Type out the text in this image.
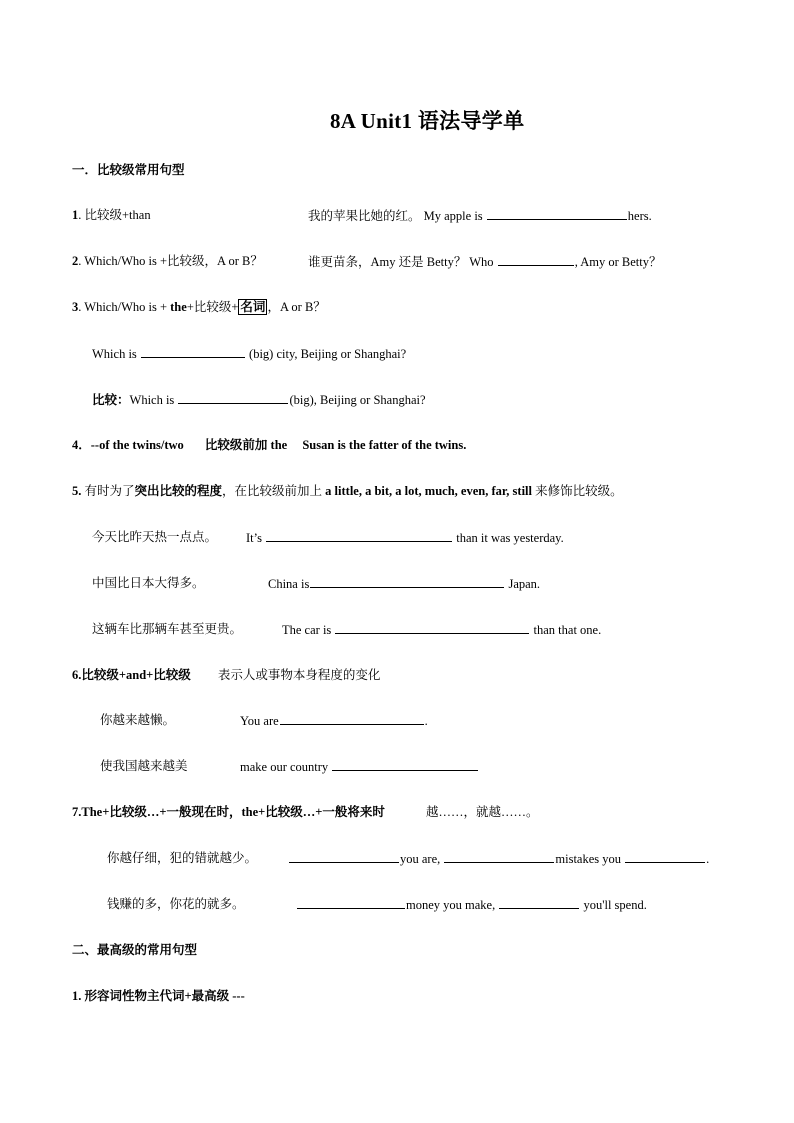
8A Unit1 语法导学单
一．比较级常用句型
1. 比较级+than	我的苹果比她的红。 My apple is	hers.
2. Which/Who is +比较级，A or B？	谁更苗条，Amy 还是 Betty？ Who	, Amy or Betty？
3. Which/Who is + the+比较级+ 名词 ，A or B？
Which is	(big) city, Beijing or Shanghai?
比较：Which is	(big), Beijing or Shanghai?
4．--of the twins/two 比较级前加 the Susan is the fatter of the twins.
5. 有时为了突出比较的程度，在比较级前加上 a little, a bit, a lot, much, even, far, still 来修饰比较级。
今天比昨天热一点点。 It’s	than it was yesterday.
中国比日本大得多。	China is	Japan.
这辆车比那辆车甚至更贵。	The car is	than that one.
6.比较级+and+比较级 表示人或事物本身程度的变化
你越来越懒。	You are	.
使我国越来越美	make our country
7.The+比较级…+一般现在时，the+比较级…+一般将来时	越……，就越……。
你越仔细，犯的错就越少。	you are,	mistakes you	.
钱赚的多，你花的就多。	money you make,	you'll spend.
二、最高级的常用句型
1. 形容词性物主代词+最高级 ---
